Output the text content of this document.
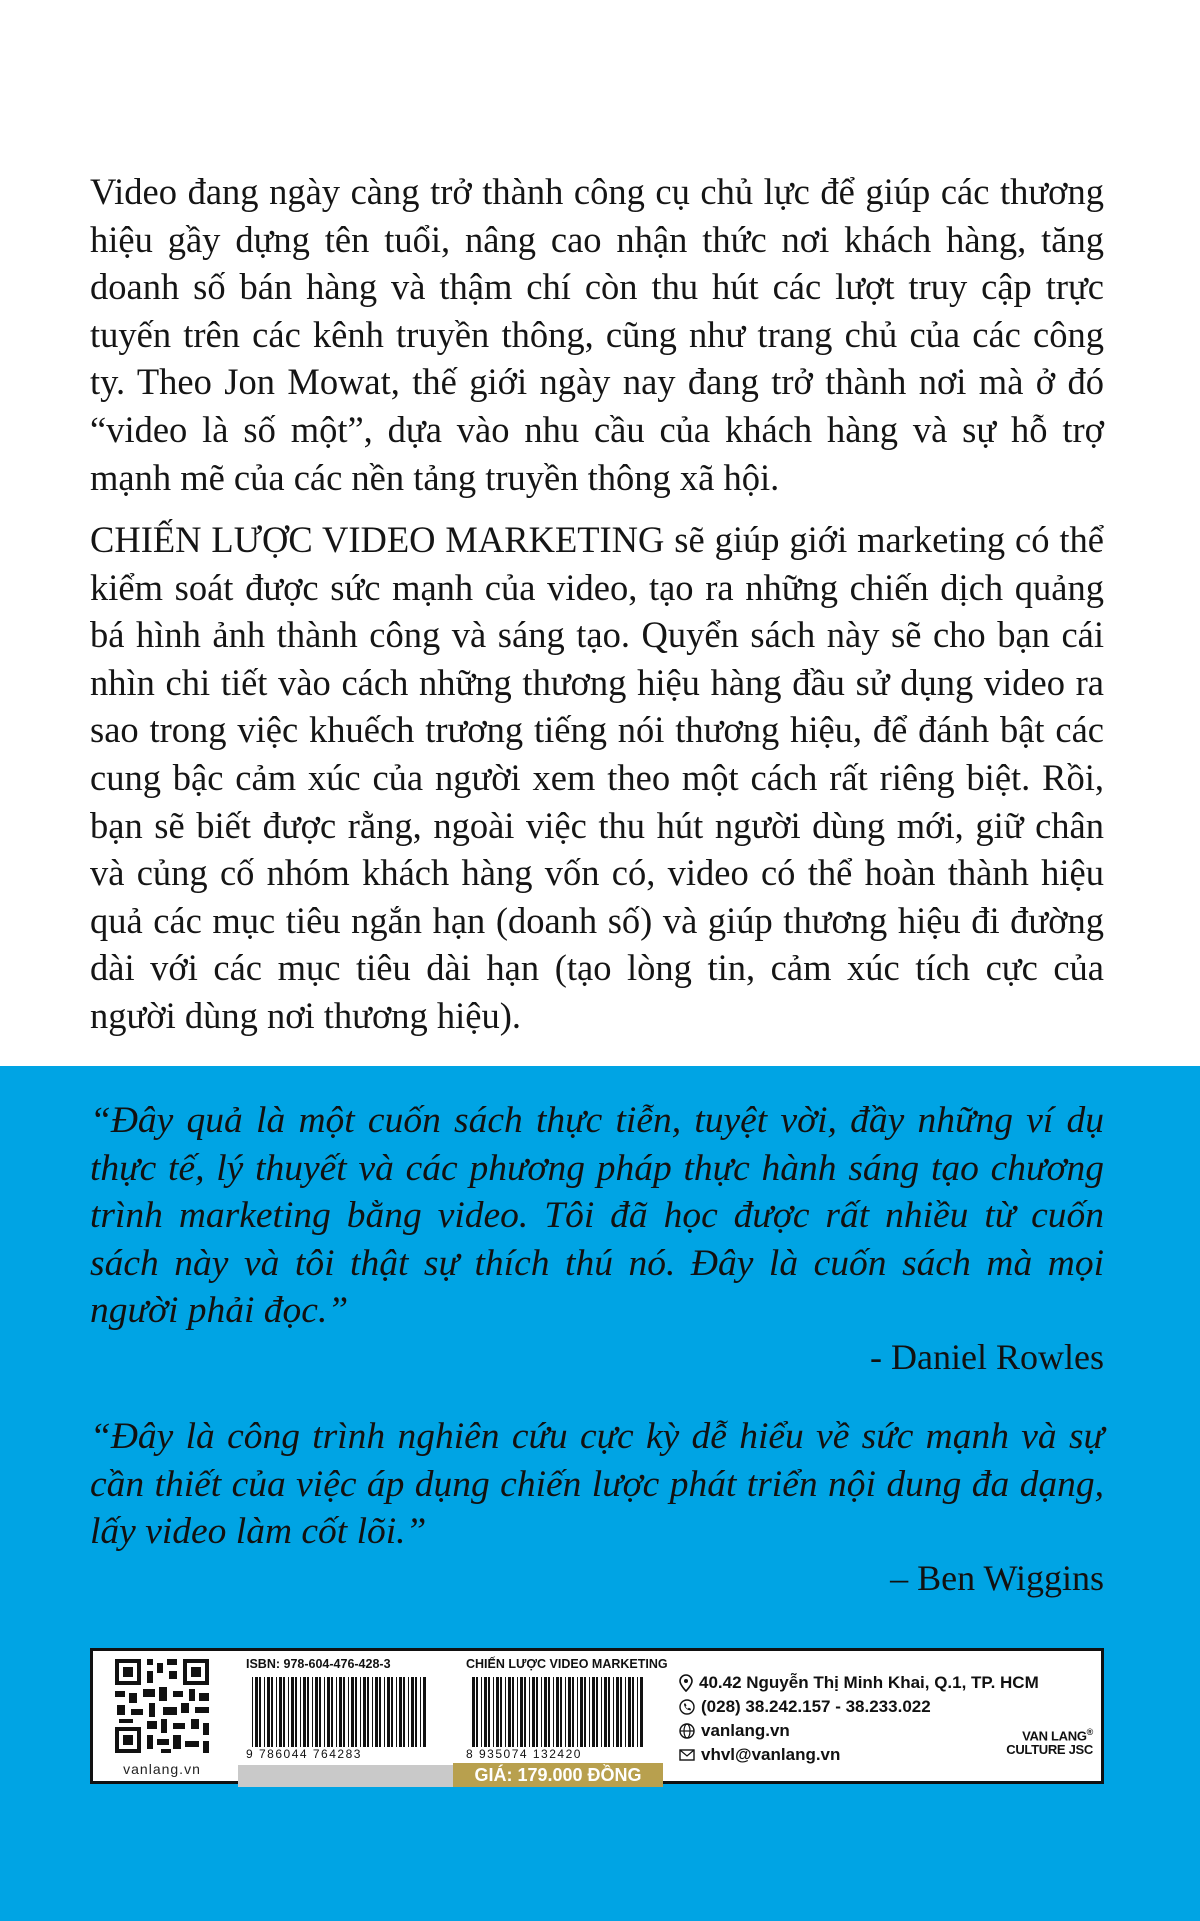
Video đang ngày càng trở thành công cụ chủ lực để giúp các thương hiệu gầy dựng tên tuổi, nâng cao nhận thức nơi khách hàng, tăng doanh số bán hàng và thậm chí còn thu hút các lượt truy cập trực tuyến trên các kênh truyền thông, cũng như trang chủ của các công ty. Theo Jon Mowat, thế giới ngày nay đang trở thành nơi mà ở đó “video là số một”, dựa vào nhu cầu của khách hàng và sự hỗ trợ mạnh mẽ của các nền tảng truyền thông xã hội.

CHIẾN LƯỢC VIDEO MARKETING sẽ giúp giới marketing có thể kiểm soát được sức mạnh của video, tạo ra những chiến dịch quảng bá hình ảnh thành công và sáng tạo. Quyển sách này sẽ cho bạn cái nhìn chi tiết vào cách những thương hiệu hàng đầu sử dụng video ra sao trong việc khuếch trương tiếng nói thương hiệu, để đánh bật các cung bậc cảm xúc của người xem theo một cách rất riêng biệt. Rồi, bạn sẽ biết được rằng, ngoài việc thu hút người dùng mới, giữ chân và củng cố nhóm khách hàng vốn có, video có thể hoàn thành hiệu quả các mục tiêu ngắn hạn (doanh số) và giúp thương hiệu đi đường dài với các mục tiêu dài hạn (tạo lòng tin, cảm xúc tích cực của người dùng nơi thương hiệu).

“Đây quả là một cuốn sách thực tiễn, tuyệt vời, đầy những ví dụ thực tế, lý thuyết và các phương pháp thực hành sáng tạo chương trình marketing bằng video. Tôi đã học được rất nhiều từ cuốn sách này và tôi thật sự thích thú nó. Đây là cuốn sách mà mọi người phải đọc.”

- Daniel Rowles

“Đây là công trình nghiên cứu cực kỳ dễ hiểu về sức mạnh và sự cần thiết của việc áp dụng chiến lược phát triển nội dung đa dạng, lấy video làm cốt lõi.”

– Ben Wiggins
vanlang.vn
ISBN: 978-604-476-428-3
9 786044 764283
CHIẾN LƯỢC VIDEO MARKETING
8 935074 132420
GIÁ: 179.000 ĐỒNG
40.42 Nguyễn Thị Minh Khai, Q.1, TP. HCM
(028) 38.242.157 - 38.233.022
vanlang.vn
vhvl@vanlang.vn
VAN LANG®
CULTURE JSC
